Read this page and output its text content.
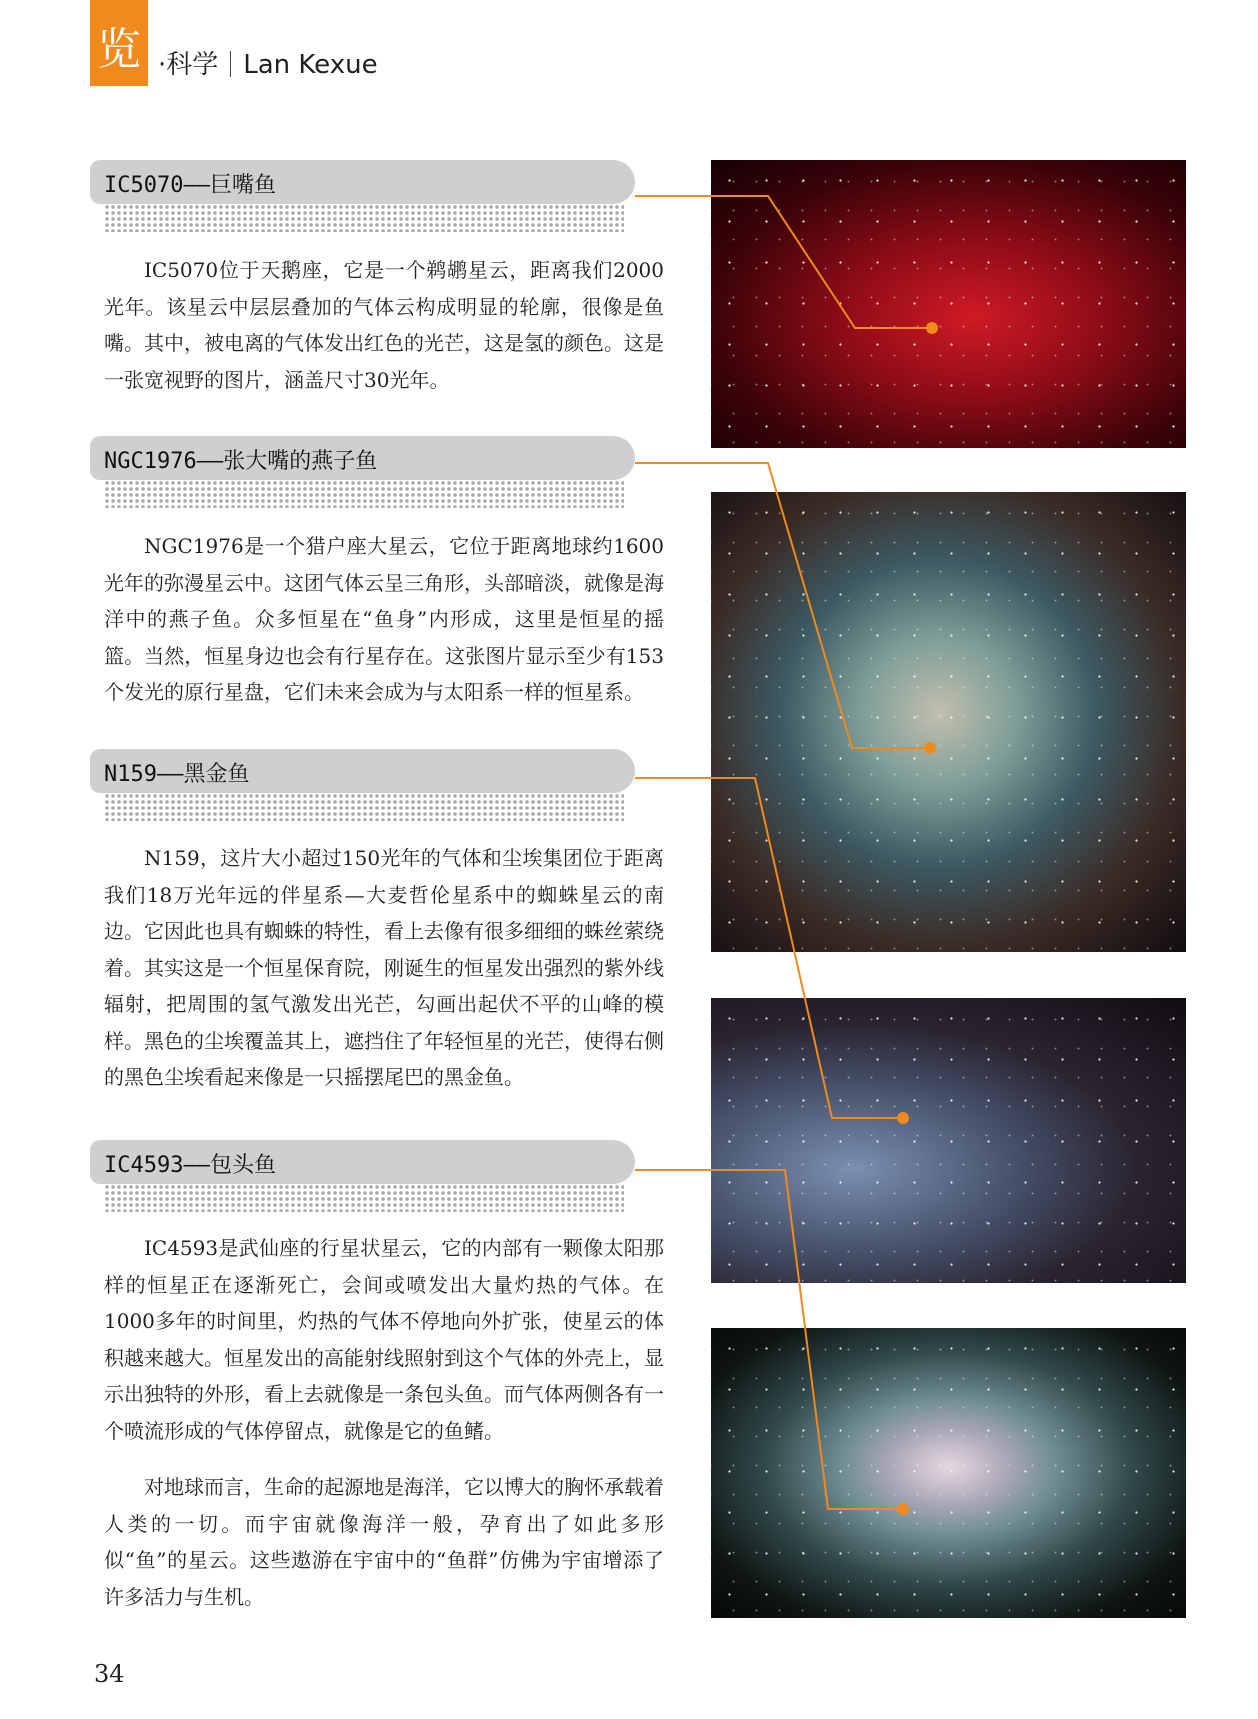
览 ·科学 Lan Kexue
IC5070——巨嘴鱼

IC5070位于天鹅座，它是一个鹈鹕星云，距离我们2000光年。该星云中层层叠加的气体云构成明显的轮廓，很像是鱼嘴。其中，被电离的气体发出红色的光芒，这是氢的颜色。这是一张宽视野的图片，涵盖尺寸30光年。

NGC1976——张大嘴的燕子鱼

NGC1976是一个猎户座大星云，它位于距离地球约1600光年的弥漫星云中。这团气体云呈三角形，头部暗淡，就像是海洋中的燕子鱼。众多恒星在“鱼身”内形成，这里是恒星的摇篮。当然，恒星身边也会有行星存在。这张图片显示至少有153个发光的原行星盘，它们未来会成为与太阳系一样的恒星系。

N159——黑金鱼

N159，这片大小超过150光年的气体和尘埃集团位于距离我们18万光年远的伴星系—大麦哲伦星系中的蜘蛛星云的南边。它因此也具有蜘蛛的特性，看上去像有很多细细的蛛丝萦绕着。其实这是一个恒星保育院，刚诞生的恒星发出强烈的紫外线辐射，把周围的氢气激发出光芒，勾画出起伏不平的山峰的模样。黑色的尘埃覆盖其上，遮挡住了年轻恒星的光芒，使得右侧的黑色尘埃看起来像是一只摇摆尾巴的黑金鱼。

IC4593——包头鱼

IC4593是武仙座的行星状星云，它的内部有一颗像太阳那样的恒星正在逐渐死亡，会间或喷发出大量灼热的气体。在1000多年的时间里，灼热的气体不停地向外扩张，使星云的体积越来越大。恒星发出的高能射线照射到这个气体的外壳上，显示出独特的外形，看上去就像是一条包头鱼。而气体两侧各有一个喷流形成的气体停留点，就像是它的鱼鳍。

对地球而言，生命的起源地是海洋，它以博大的胸怀承载着人类的一切。而宇宙就像海洋一般，孕育出了如此多形似“鱼”的星云。这些遨游在宇宙中的“鱼群”仿佛为宇宙增添了许多活力与生机。

34
